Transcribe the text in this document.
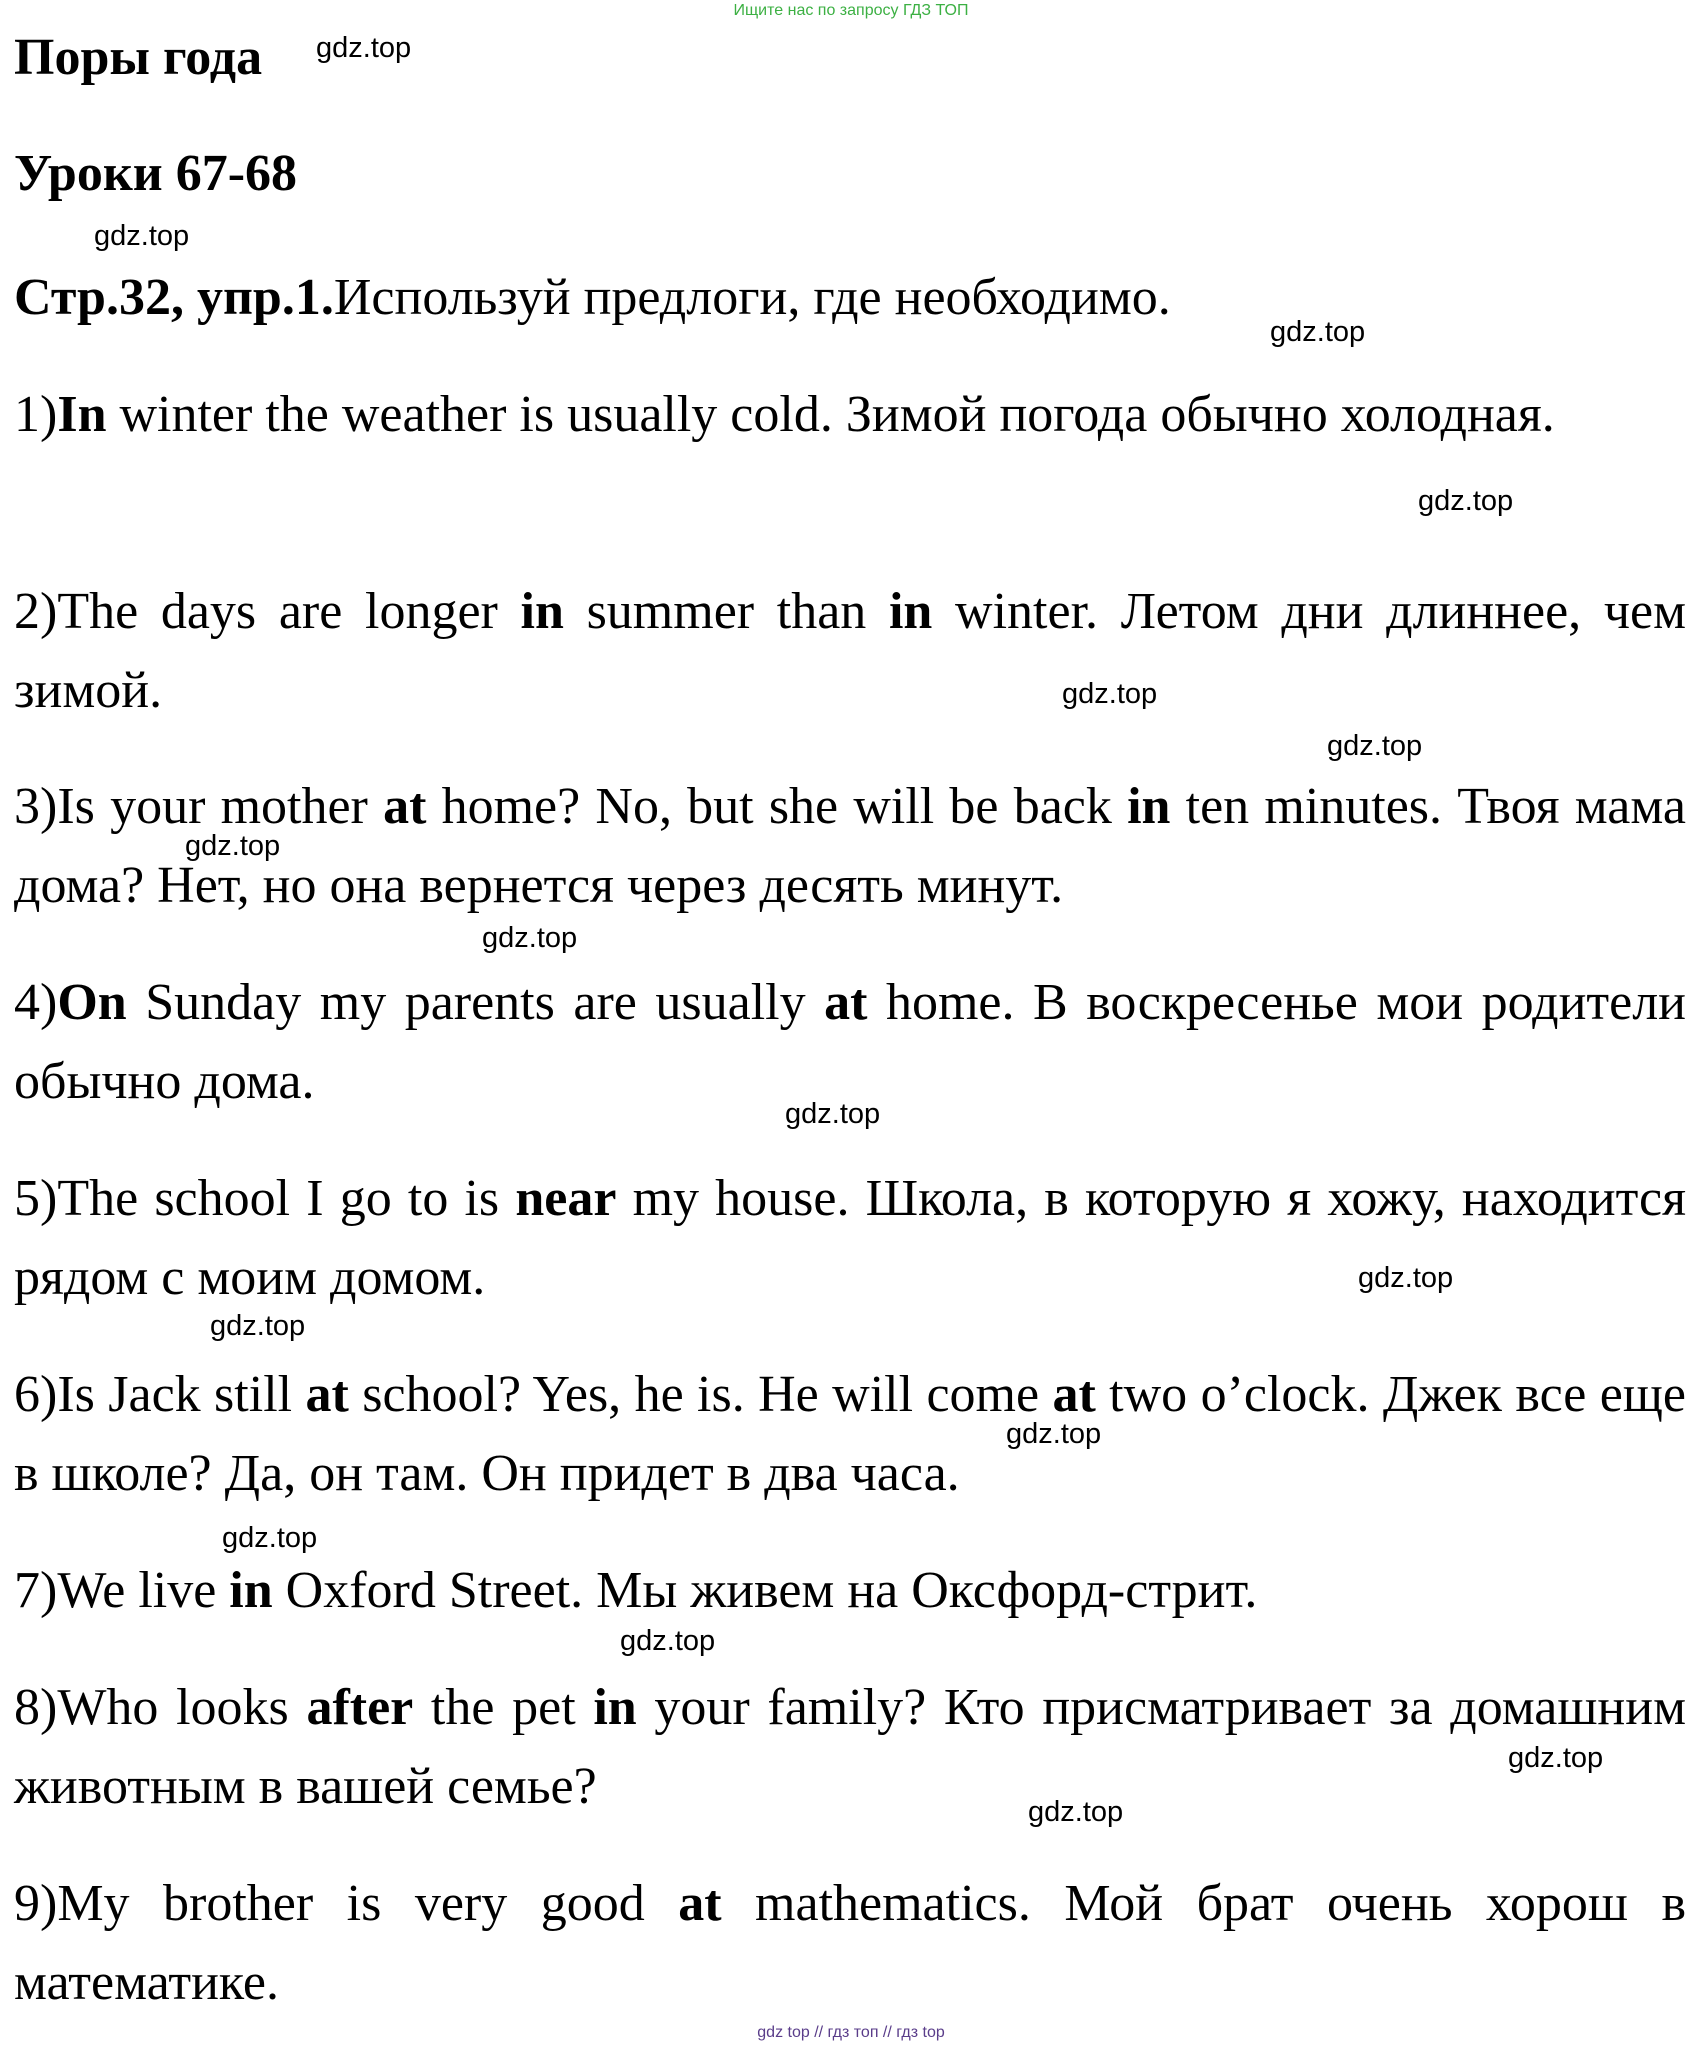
Ищите нас по запросу ГДЗ ТОП
Поры года
Уроки 67-68

Стр.32, упр.1.Используй предлоги, где необходимо.

1)In winter the weather is usually cold. Зимой погода обычно холодная.

2)The days are longer in summer than in winter. Летом дни длиннее, чем зимой.

3)Is your mother at home? No, but she will be back in ten minutes. Твоя мама дома? Нет, но она вернется через десять минут.

4)On Sunday my parents are usually at home. В воскресенье мои родители обычно дома.

5)The school I go to is near my house. Школа, в которую я хожу, находится рядом с моим домом.

6)Is Jack still at school? Yes, he is. He will come at two o’clock. Джек все еще в школе? Да, он там. Он придет в два часа.

7)We live in Oxford Street. Мы живем на Оксфорд-стрит.

8)Who looks after the pet in your family? Кто присматривает за домашним животным в вашей семье?

9)My brother is very good at mathematics. Мой брат очень хорош в математике.

gdz.top
gdz.top
gdz.top
gdz.top
gdz.top
gdz.top
gdz.top
gdz.top
gdz.top
gdz.top
gdz.top
gdz.top
gdz.top
gdz.top
gdz.top
gdz.top
gdz top // гдз топ // гдз top
